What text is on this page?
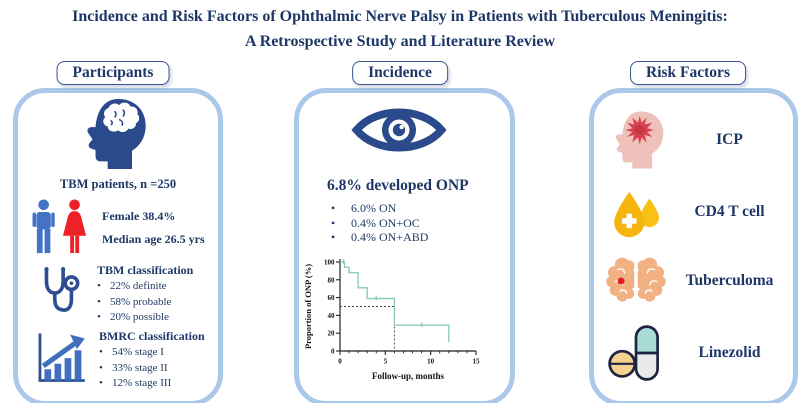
Incidence and Risk Factors of Ophthalmic Nerve Palsy in Patients with Tuberculous Meningitis:
A Retrospective Study and Literature Review
Participants	Incidence	Risk Factors
TBM patients, n =250
Female 38.4%
Median age 26.5 yrs
TBM classification
• 22% definite
• 58% probable
• 20% possible
BMRC classification
• 54% stage I
• 33% stage II
• 12% stage III
6.8% developed ONP
• 6.0% ON
• 0.4% ON+OC
• 0.4% ON+ABD
0	5	10	15
0
20
40
60
80
100
Proportion of ONP (%)
Follow-up, months
ICP
CD4 T cell
Tuberculoma
Linezolid
